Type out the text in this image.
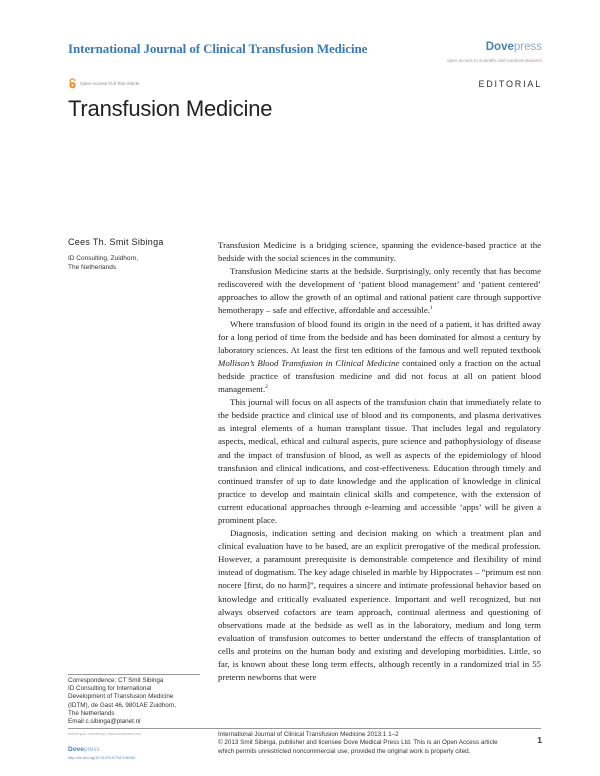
International Journal of Clinical Transfusion Medicine	Dovepress
open access to scientific and medical research
Open Access Full Text Article	EDITORIAL
Transfusion Medicine
Cees Th. Smit Sibinga
ID Consulting, Zuidhorn,
The Netherlands

Transfusion Medicine is a bridging science, spanning the evidence-based practice at the bedside with the social sciences in the community.

Transfusion Medicine starts at the bedside. Surprisingly, only recently that has become rediscovered with the development of ‘patient blood management’ and ‘patient centered’ approaches to allow the growth of an optimal and rational patient care through supportive hemotherapy – safe and effective, affordable and accessible.$^1$

Where transfusion of blood found its origin in the need of a patient, it has drifted away for a long period of time from the bedside and has been dominated for almost a century by laboratory sciences. At least the first ten editions of the famous and well reputed textbook Mollison’s Blood Transfusion in Clinical Medicine contained only a fraction on the actual bedside practice of transfusion medicine and did not focus at all on patient blood management.$^2$

This journal will focus on all aspects of the transfusion chain that immediately relate to the bedside practice and clinical use of blood and its components, and plasma derivatives as integral elements of a human transplant tissue. That includes legal and regulatory aspects, medical, ethical and cultural aspects, pure science and pathophysiology of disease and the impact of transfusion of blood, as well as aspects of the epidemiology of blood transfusion and clinical indications, and cost-effectiveness. Education through timely and continued transfer of up to date knowledge and the application of knowledge in clinical practice to develop and maintain clinical skills and competence, with the extension of current educational approaches through e-learning and accessible ‘apps’ will be given a prominent place.

Diagnosis, indication setting and decision making on which a treatment plan and clinical evaluation have to be based, are an explicit prerogative of the medical profession. However, a paramount prerequisite is demonstrable competence and flexibility of mind instead of dogmatism. The key adage chiseled in marble by Hippocrates – “primum est non nocere [first, do no harm]”, requires a sincere and intimate professional behavior based on knowledge and critically evaluated experience. Important and well recognized, but not always observed cofactors are team approach, continual alertness and questioning of observations made at the bedside as well as in the laboratory, medium and long term evaluation of transfusion outcomes to better understand the effects of transplantation of cells and proteins on the human body and existing and developing morbidities. Little, so far, is known about these long term effects, although recently in a randomized trial in 55 preterm newborns that were

Correspondence: CT Smit Sibinga
ID Consulting for International
Development of Transfusion Medicine
(IDTM), de Gast 46, 9801AE Zuidhorn,
The Netherlands
Email c.sibinga@planet.nl
submit your manuscript | www.dovepress.com
Dovepress
http://dx.doi.org/10.2147/IJCTM.S46150
International Journal of Clinical Transfusion Medicine 2013:1 1–2
© 2013 Smit Sibinga, publisher and licensee Dove Medical Press Ltd. This is an Open Access article
which permits unrestricted noncommercial use, provided the original work is properly cited.
1
